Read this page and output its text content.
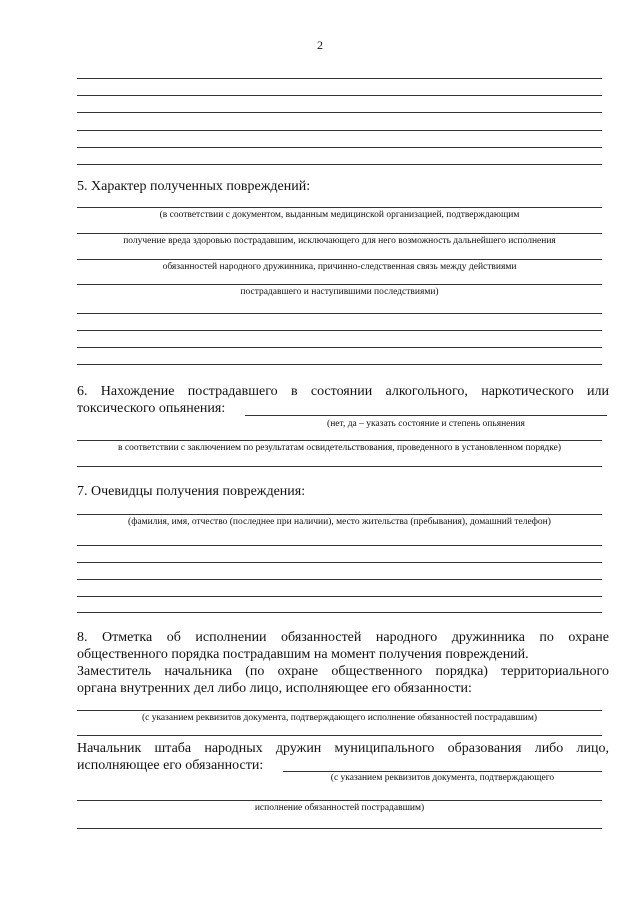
2
5. Характер полученных повреждений:
(в соответствии с документом, выданным медицинской организацией, подтверждающим
получение вреда здоровью пострадавшим, исключающего для него возможность дальнейшего исполнения
обязанностей народного дружинника, причинно-следственная связь между действиями
пострадавшего и наступившими последствиями)
6. Нахождение пострадавшего в состоянии алкогольного, наркотического или
токсического опьянения:
(нет, да – указать состояние и степень опьянения
в соответствии с заключением по результатам освидетельствования, проведенного в установленном порядке)
7. Очевидцы получения повреждения:
(фамилия, имя, отчество (последнее при наличии), место жительства (пребывания), домашний телефон)
8. Отметка об исполнении обязанностей народного дружинника по охране
общественного порядка пострадавшим на момент получения повреждений.
Заместитель начальника (по охране общественного порядка) территориального
органа внутренних дел либо лицо, исполняющее его обязанности:
(с указанием реквизитов документа, подтверждающего исполнение обязанностей пострадавшим)
Начальник штаба народных дружин муниципального образования либо лицо,
исполняющее его обязанности:
(с указанием реквизитов документа, подтверждающего
исполнение обязанностей пострадавшим)
